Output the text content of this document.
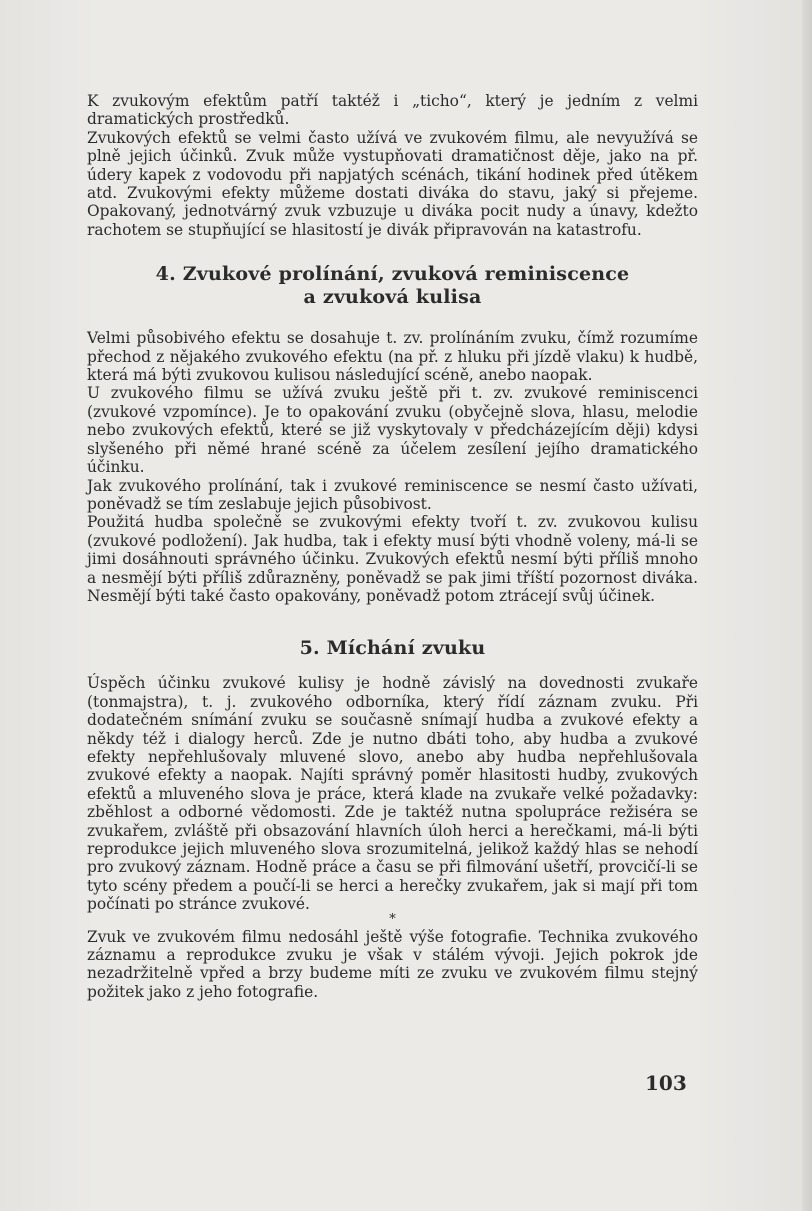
K zvukovým efektům patří taktéž i „ticho“, který je jedním z velmi dramatických prostředků.

Zvukových efektů se velmi často užívá ve zvukovém filmu, ale nevyužívá se plně jejich účinků. Zvuk může vystupňovati dramatičnost děje, jako na př. údery kapek z vodovodu při napjatých scénách, tikání hodinek před útěkem atd. Zvukovými efekty můžeme dostati diváka do stavu, jaký si přejeme. Opakovaný, jednotvárný zvuk vzbuzuje u diváka pocit nudy a únavy, kdežto rachotem se stupňující se hlasitostí je divák připravován na katastrofu.

4. Zvukové prolínání, zvuková reminiscence
a zvuková kulisa

Velmi působivého efektu se dosahuje t. zv. prolínáním zvuku, čímž rozumíme přechod z nějakého zvukového efektu (na př. z hluku při jízdě vlaku) k hudbě, která má býti zvukovou kulisou následující scéně, anebo naopak.

U zvukového filmu se užívá zvuku ještě při t. zv. zvukové reminiscenci (zvukové vzpomínce). Je to opakování zvuku (obyčejně slova, hlasu, melodie nebo zvukových efektů, které se již vyskytovaly v předcházejícím ději) kdysi slyšeného při němé hrané scéně za účelem zesílení jejího dramatického účinku.

Jak zvukového prolínání, tak i zvukové reminiscence se nesmí často užívati, poněvadž se tím zeslabuje jejich působivost.

Použitá hudba společně se zvukovými efekty tvoří t. zv. zvukovou kulisu (zvukové podložení). Jak hudba, tak i efekty musí býti vhodně voleny, má-li se jimi dosáhnouti správného účinku. Zvukových efektů nesmí býti příliš mnoho a nesmějí býti příliš zdůrazněny, poněvadž se pak jimi tříští pozornost diváka. Nesmějí býti také často opakovány, poněvadž potom ztrácejí svůj účinek.

5. Míchání zvuku

Úspěch účinku zvukové kulisy je hodně závislý na dovednosti zvukaře (tonmajstra), t. j. zvukového odborníka, který řídí záznam zvuku. Při dodatečném snímání zvuku se současně snímají hudba a zvukové efekty a někdy též i dialogy herců. Zde je nutno dbáti toho, aby hudba a zvukové efekty nepřehlušovaly mluvené slovo, anebo aby hudba nepřehlušovala zvukové efekty a naopak. Najíti správný poměr hlasitosti hudby, zvukových efektů a mluveného slova je práce, která klade na zvukaře velké požadavky: zběhlost a odborné vědomosti. Zde je taktéž nutna spolupráce režiséra se zvukařem, zvláště při obsazování hlavních úloh herci a herečkami, má-li býti reprodukce jejich mluveného slova srozumitelná, jelikož každý hlas se nehodí pro zvukový záznam. Hodně práce a času se při filmování ušetří, provcičí-li se tyto scény předem a poučí-li se herci a herečky zvukařem, jak si mají při tom počínati po stránce zvukové.

*

Zvuk ve zvukovém filmu nedosáhl ještě výše fotografie. Technika zvukového záznamu a reprodukce zvuku je však v stálém vývoji. Jejich pokrok jde nezadržitelně vpřed a brzy budeme míti ze zvuku ve zvukovém filmu stejný požitek jako z jeho fotografie.

103
